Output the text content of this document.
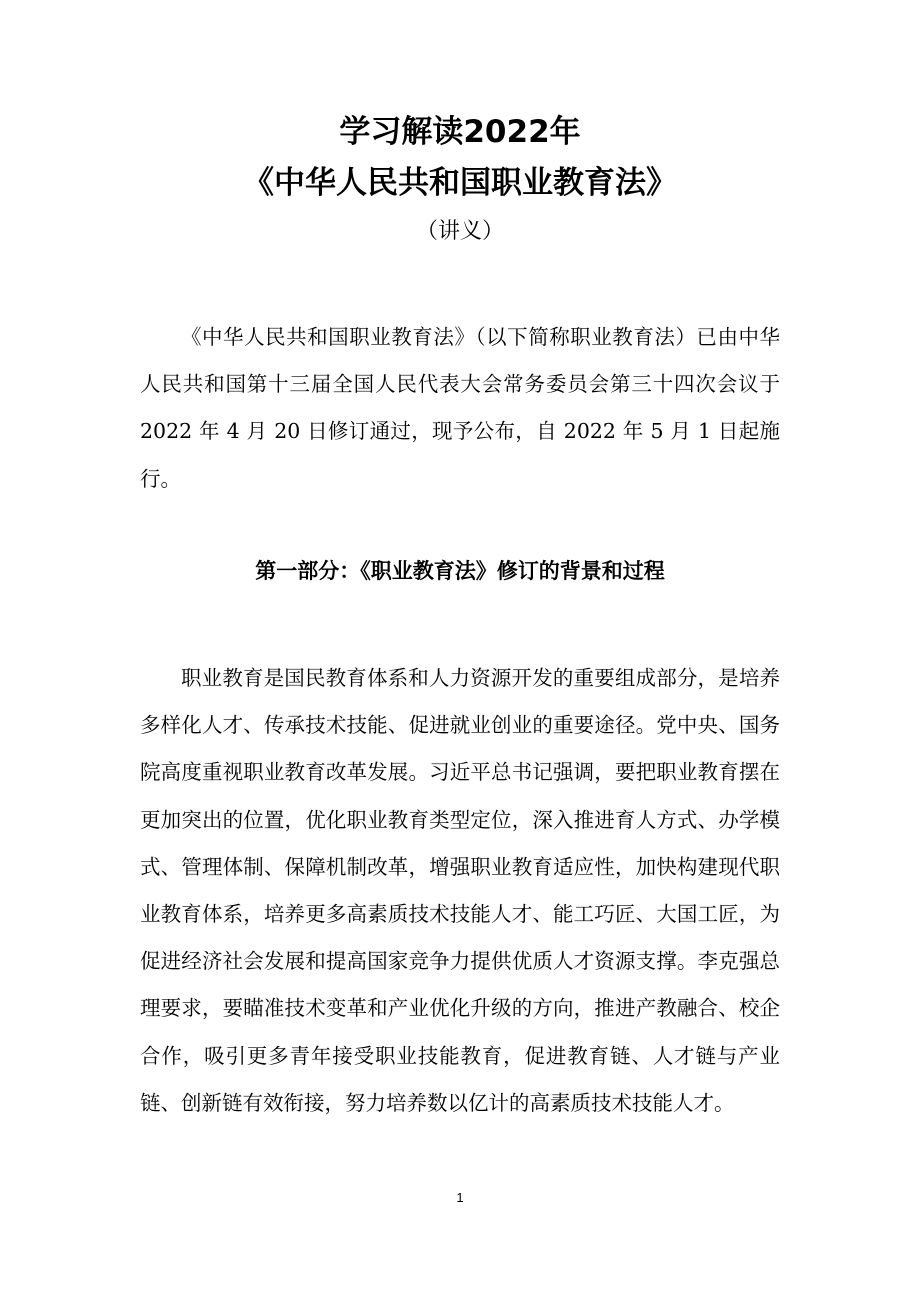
学习解读2022年
《中华人民共和国职业教育法》
（讲义）

《中华人民共和国职业教育法》（以下简称职业教育法）已由中华人民共和国第十三届全国人民代表大会常务委员会第三十四次会议于 2022 年 4 月 20 日修订通过，现予公布，自 2022 年 5 月 1 日起施行。

第一部分：《职业教育法》修订的背景和过程

职业教育是国民教育体系和人力资源开发的重要组成部分，是培养多样化人才、传承技术技能、促进就业创业的重要途径。党中央、国务院高度重视职业教育改革发展。习近平总书记强调，要把职业教育摆在更加突出的位置，优化职业教育类型定位，深入推进育人方式、办学模式、管理体制、保障机制改革，增强职业教育适应性，加快构建现代职业教育体系，培养更多高素质技术技能人才、能工巧匠、大国工匠，为促进经济社会发展和提高国家竞争力提供优质人才资源支撑。李克强总理要求，要瞄准技术变革和产业优化升级的方向，推进产教融合、校企合作，吸引更多青年接受职业技能教育，促进教育链、人才链与产业链、创新链有效衔接，努力培养数以亿计的高素质技术技能人才。

1
